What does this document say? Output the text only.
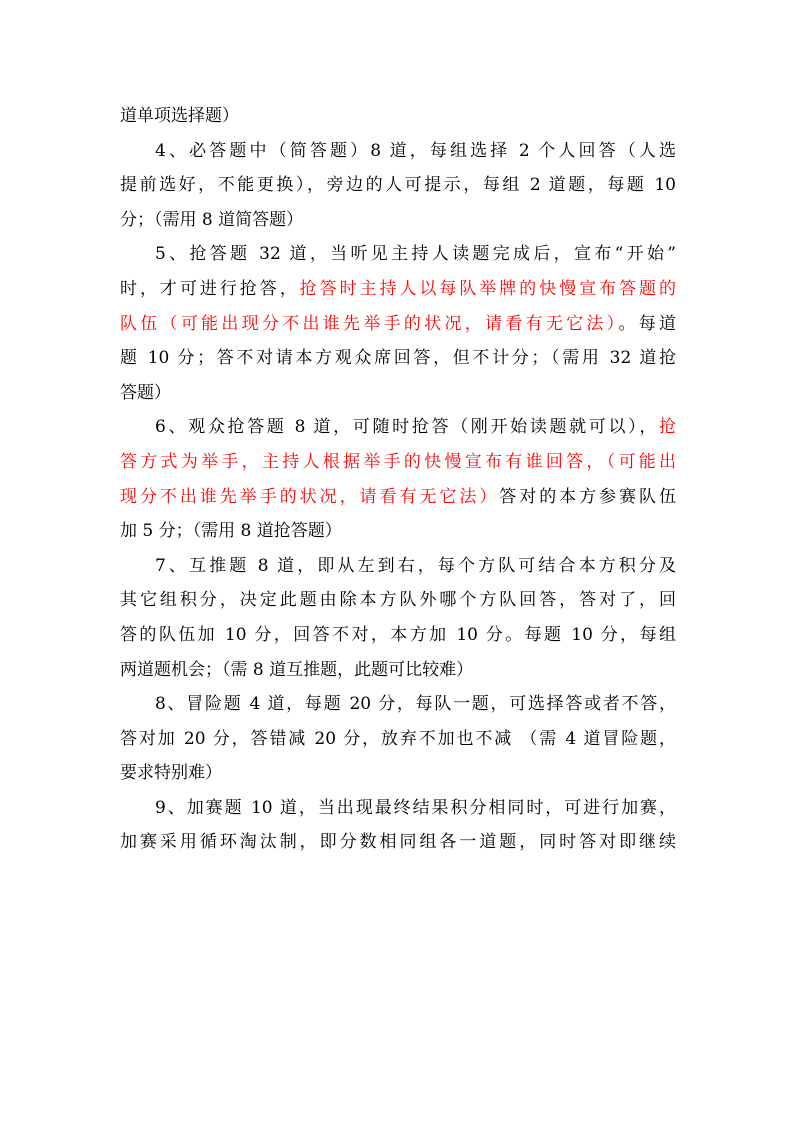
道单项选择题）
4、必答题中（简答题）8 道，每组选择 2 个人回答（人选
提前选好，不能更换），旁边的人可提示，每组 2 道题，每题 10
分；（需用 8 道简答题）
5、抢答题 32 道，当听见主持人读题完成后，宣布“开始”
时，才可进行抢答，抢答时主持人以每队举牌的快慢宣布答题的
队伍（可能出现分不出谁先举手的状况，请看有无它法）。每道
题 10 分；答不对请本方观众席回答，但不计分；（需用 32 道抢
答题）
6、观众抢答题 8 道，可随时抢答（刚开始读题就可以），抢
答方式为举手，主持人根据举手的快慢宣布有谁回答，（可能出
现分不出谁先举手的状况，请看有无它法）答对的本方参赛队伍
加 5 分；（需用 8 道抢答题）
7、互推题 8 道，即从左到右，每个方队可结合本方积分及
其它组积分，决定此题由除本方队外哪个方队回答，答对了，回
答的队伍加 10 分，回答不对，本方加 10 分。每题 10 分，每组
两道题机会；（需 8 道互推题，此题可比较难）
8、冒险题 4 道，每题 20 分，每队一题，可选择答或者不答，
答对加 20 分，答错减 20 分，放弃不加也不减 （需 4 道冒险题，
要求特别难）
9、加赛题 10 道，当出现最终结果积分相同时，可进行加赛，
加赛采用循环淘汰制，即分数相同组各一道题，同时答对即继续
